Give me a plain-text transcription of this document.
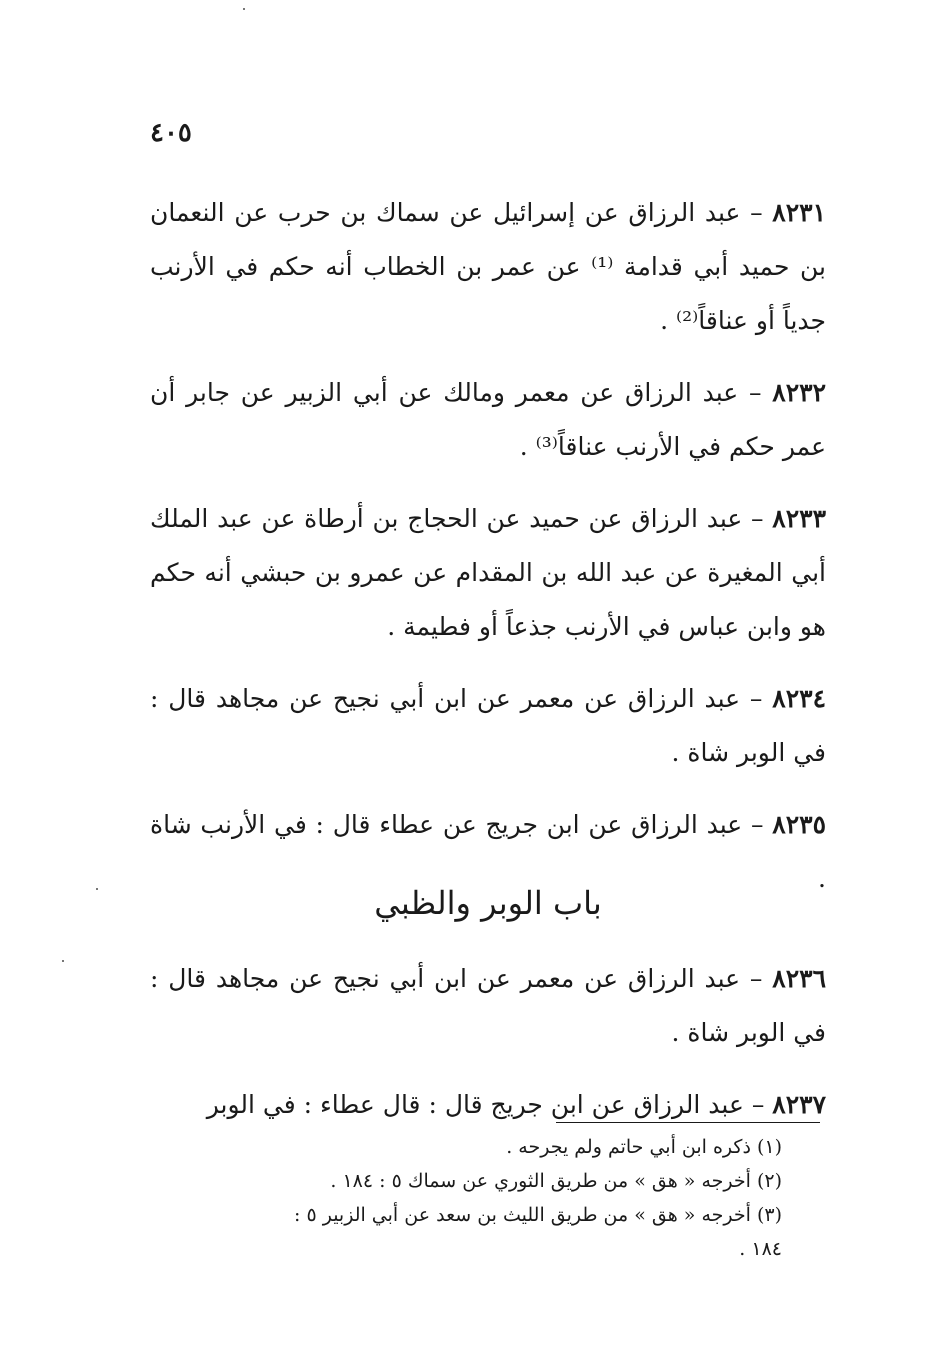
٤٠٥

٨٢٣١ – عبد الرزاق عن إسرائيل عن سماك بن حرب عن النعمان بن حميد أبي قدامة ⁽¹⁾ عن عمر بن الخطاب أنه حكم في الأرنب جدياً أو عناقاً⁽²⁾ .

٨٢٣٢ – عبد الرزاق عن معمر ومالك عن أبي الزبير عن جابر أن عمر حكم في الأرنب عناقاً⁽³⁾ .

٨٢٣٣ – عبد الرزاق عن حميد عن الحجاج بن أرطاة عن عبد الملك أبي المغيرة عن عبد الله بن المقدام عن عمرو بن حبشي أنه حكم هو وابن عباس في الأرنب جذعاً أو فطيمة .

٨٢٣٤ – عبد الرزاق عن معمر عن ابن أبي نجيح عن مجاهد قال : في الوبر شاة .

٨٢٣٥ – عبد الرزاق عن ابن جريج عن عطاء قال : في الأرنب شاة .

باب الوبر والظبي

٨٢٣٦ – عبد الرزاق عن معمر عن ابن أبي نجيح عن مجاهد قال : في الوبر شاة .

٨٢٣٧ – عبد الرزاق عن ابن جريج قال : قال عطاء : في الوبر

(١) ذكره ابن أبي حاتم ولم يجرحه .

(٢) أخرجه « هق » من طريق الثوري عن سماك ٥ : ١٨٤ .

(٣) أخرجه « هق » من طريق الليث بن سعد عن أبي الزبير ٥ : ١٨٤ .
